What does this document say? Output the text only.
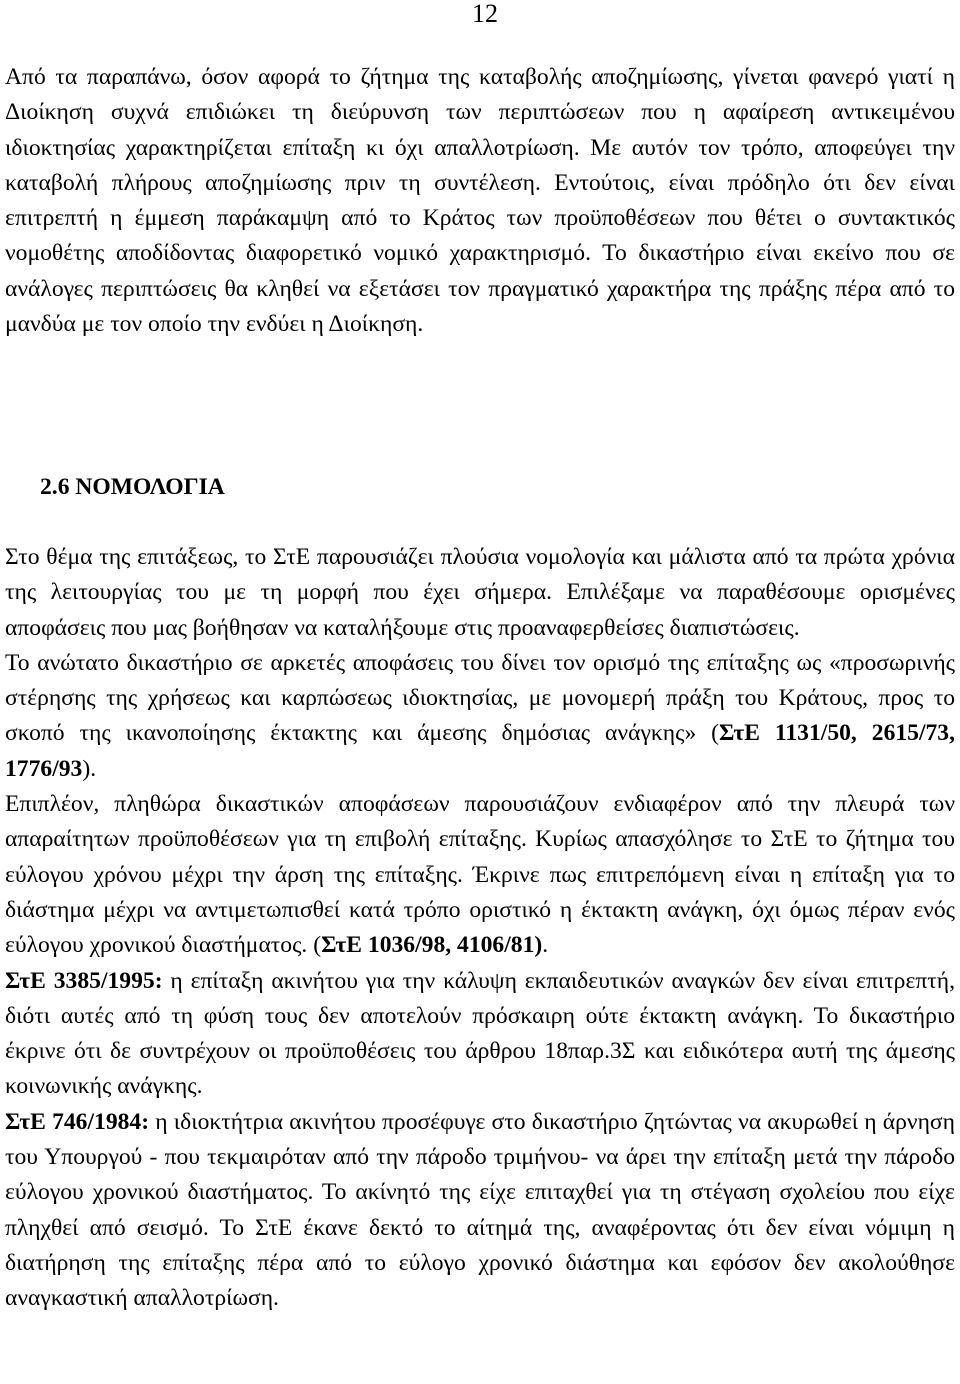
12

Από τα παραπάνω, όσον αφορά το ζήτημα της καταβολής αποζημίωσης, γίνεται φανερό γιατί η Διοίκηση συχνά επιδιώκει τη διεύρυνση των περιπτώσεων που η αφαίρεση αντικειμένου ιδιοκτησίας χαρακτηρίζεται επίταξη κι όχι απαλλοτρίωση. Με αυτόν τον τρόπο, αποφεύγει την καταβολή πλήρους αποζημίωσης πριν τη συντέλεση. Εντούτοις, είναι πρόδηλο ότι δεν είναι επιτρεπτή η έμμεση παράκαμψη από το Κράτος των προϋποθέσεων που θέτει ο συντακτικός νομοθέτης αποδίδοντας διαφορετικό νομικό χαρακτηρισμό. Το δικαστήριο είναι εκείνο που σε ανάλογες περιπτώσεις θα κληθεί να εξετάσει τον πραγματικό χαρακτήρα της πράξης πέρα από το μανδύα με τον οποίο την ενδύει η Διοίκηση.

2.6 ΝΟΜΟΛΟΓΙΑ

Στο θέμα της επιτάξεως, το ΣτΕ παρουσιάζει πλούσια νομολογία και μάλιστα από τα πρώτα χρόνια της λειτουργίας του με τη μορφή που έχει σήμερα. Επιλέξαμε να παραθέσουμε ορισμένες αποφάσεις που μας βοήθησαν να καταλήξουμε στις προαναφερθείσες διαπιστώσεις.

Το ανώτατο δικαστήριο σε αρκετές αποφάσεις του δίνει τον ορισμό της επίταξης ως «προσωρινής στέρησης της χρήσεως και καρπώσεως ιδιοκτησίας, με μονομερή πράξη του Κράτους, προς το σκοπό της ικανοποίησης έκτακτης και άμεσης δημόσιας ανάγκης» (ΣτΕ 1131/50, 2615/73, 1776/93).

Επιπλέον, πληθώρα δικαστικών αποφάσεων παρουσιάζουν ενδιαφέρον από την πλευρά των απαραίτητων προϋποθέσεων για τη επιβολή επίταξης. Κυρίως απασχόλησε το ΣτΕ το ζήτημα του εύλογου χρόνου μέχρι την άρση της επίταξης. Έκρινε πως επιτρεπόμενη είναι η επίταξη για το διάστημα μέχρι να αντιμετωπισθεί κατά τρόπο οριστικό η έκτακτη ανάγκη, όχι όμως πέραν ενός εύλογου χρονικού διαστήματος. (ΣτΕ 1036/98, 4106/81).

ΣτΕ 3385/1995: η επίταξη ακινήτου για την κάλυψη εκπαιδευτικών αναγκών δεν είναι επιτρεπτή, διότι αυτές από τη φύση τους δεν αποτελούν πρόσκαιρη ούτε έκτακτη ανάγκη. Το δικαστήριο έκρινε ότι δε συντρέχουν οι προϋποθέσεις του άρθρου 18παρ.3Σ και ειδικότερα αυτή της άμεσης κοινωνικής ανάγκης.

ΣτΕ 746/1984: η ιδιοκτήτρια ακινήτου προσέφυγε στο δικαστήριο ζητώντας να ακυρωθεί η άρνηση του Υπουργού - που τεκμαιρόταν από την πάροδο τριμήνου- να άρει την επίταξη μετά την πάροδο εύλογου χρονικού διαστήματος. Το ακίνητό της είχε επιταχθεί για τη στέγαση σχολείου που είχε πληχθεί από σεισμό. Το ΣτΕ έκανε δεκτό το αίτημά της, αναφέροντας ότι δεν είναι νόμιμη η διατήρηση της επίταξης πέρα από το εύλογο χρονικό διάστημα και εφόσον δεν ακολούθησε αναγκαστική απαλλοτρίωση.
